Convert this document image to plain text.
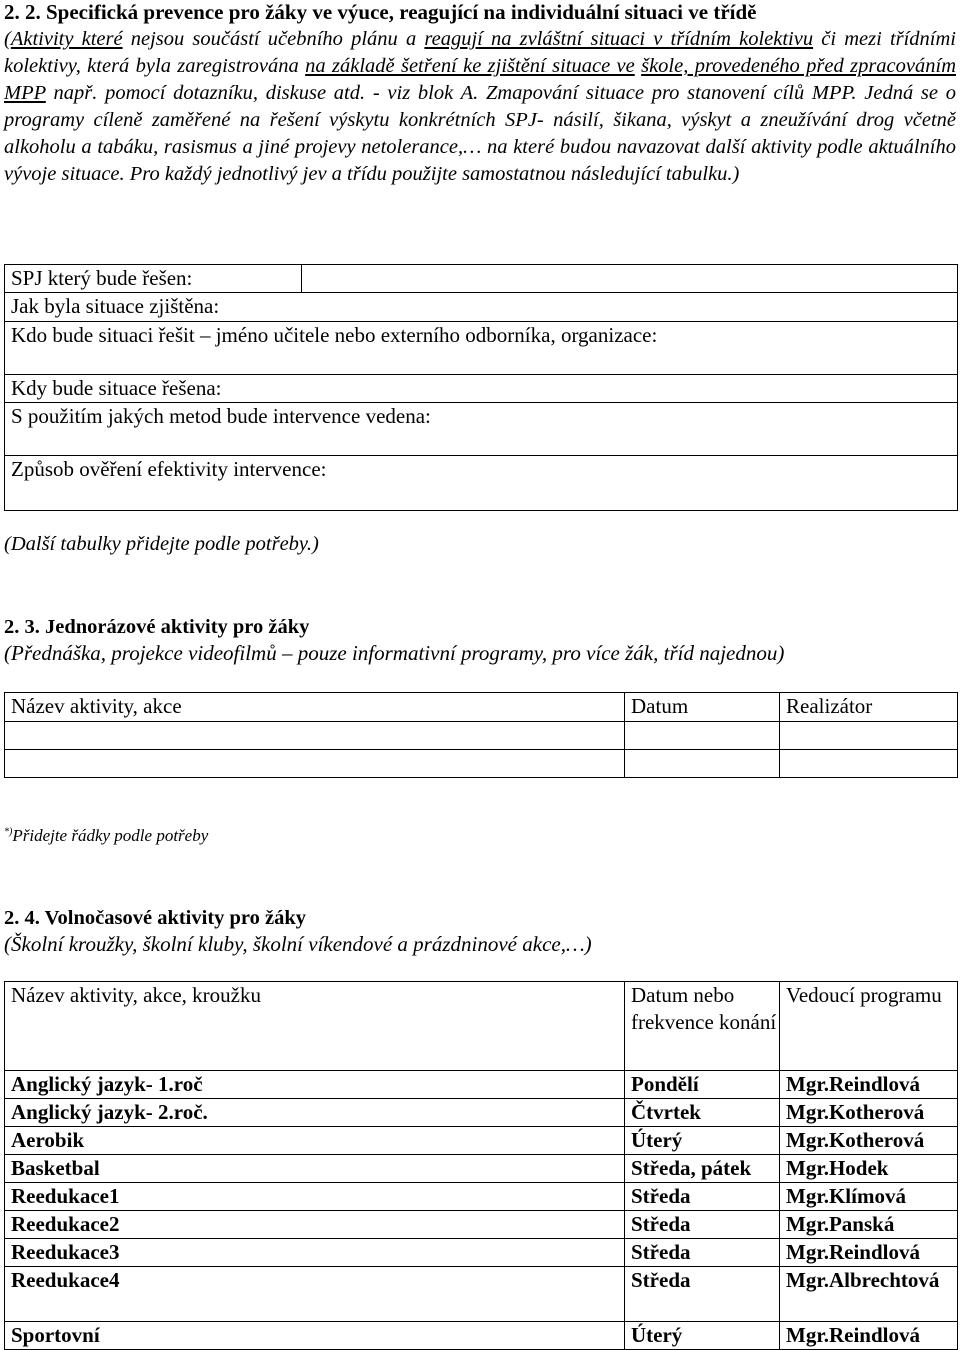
2. 2. Specifická prevence pro žáky ve výuce, reagující na individuální situaci ve třídě
(Aktivity které nejsou součástí učebního plánu a reagují na zvláštní situaci v třídním kolektivu či mezi třídními kolektivy, která byla zaregistrována na základě šetření ke zjištění situace ve škole, provedeného před zpracováním MPP např. pomocí dotazníku, diskuse atd. - viz blok A. Zmapování situace pro stanovení cílů MPP. Jedná se o programy cíleně zaměřené na řešení výskytu konkrétních SPJ- násilí, šikana, výskyt a zneužívání drog včetně alkoholu a tabáku, rasismus a jiné projevy netolerance,… na které budou navazovat další aktivity podle aktuálního vývoje situace. Pro každý jednotlivý jev a třídu použijte samostatnou následující tabulku.)
SPJ který bude řešen:	
Jak byla situace zjištěna:
Kdo bude situaci řešit – jméno učitele nebo externího odborníka, organizace:
Kdy bude situace řešena:
S použitím jakých metod bude intervence vedena:
Způsob ověření efektivity intervence:
(Další tabulky přidejte podle potřeby.)
2. 3. Jednorázové aktivity pro žáky
(Přednáška, projekce videofilmů – pouze informativní programy, pro více žák, tříd najednou)
Název aktivity, akce	Datum	Realizátor

*)Přidejte řádky podle potřeby
2. 4. Volnočasové aktivity pro žáky
(Školní kroužky, školní kluby, školní víkendové a prázdninové akce,…)
Název aktivity, akce, kroužku	Datum nebo frekvence konání	Vedoucí programu
Anglický jazyk- 1.roč	Pondělí	Mgr.Reindlová
Anglický jazyk- 2.roč.	Čtvrtek	Mgr.Kotherová
Aerobik	Úterý	Mgr.Kotherová
Basketbal	Středa, pátek	Mgr.Hodek
Reedukace1	Středa	Mgr.Klímová
Reedukace2	Středa	Mgr.Panská
Reedukace3	Středa	Mgr.Reindlová
Reedukace4	Středa	Mgr.Albrechtová
Sportovní	Úterý	Mgr.Reindlová
